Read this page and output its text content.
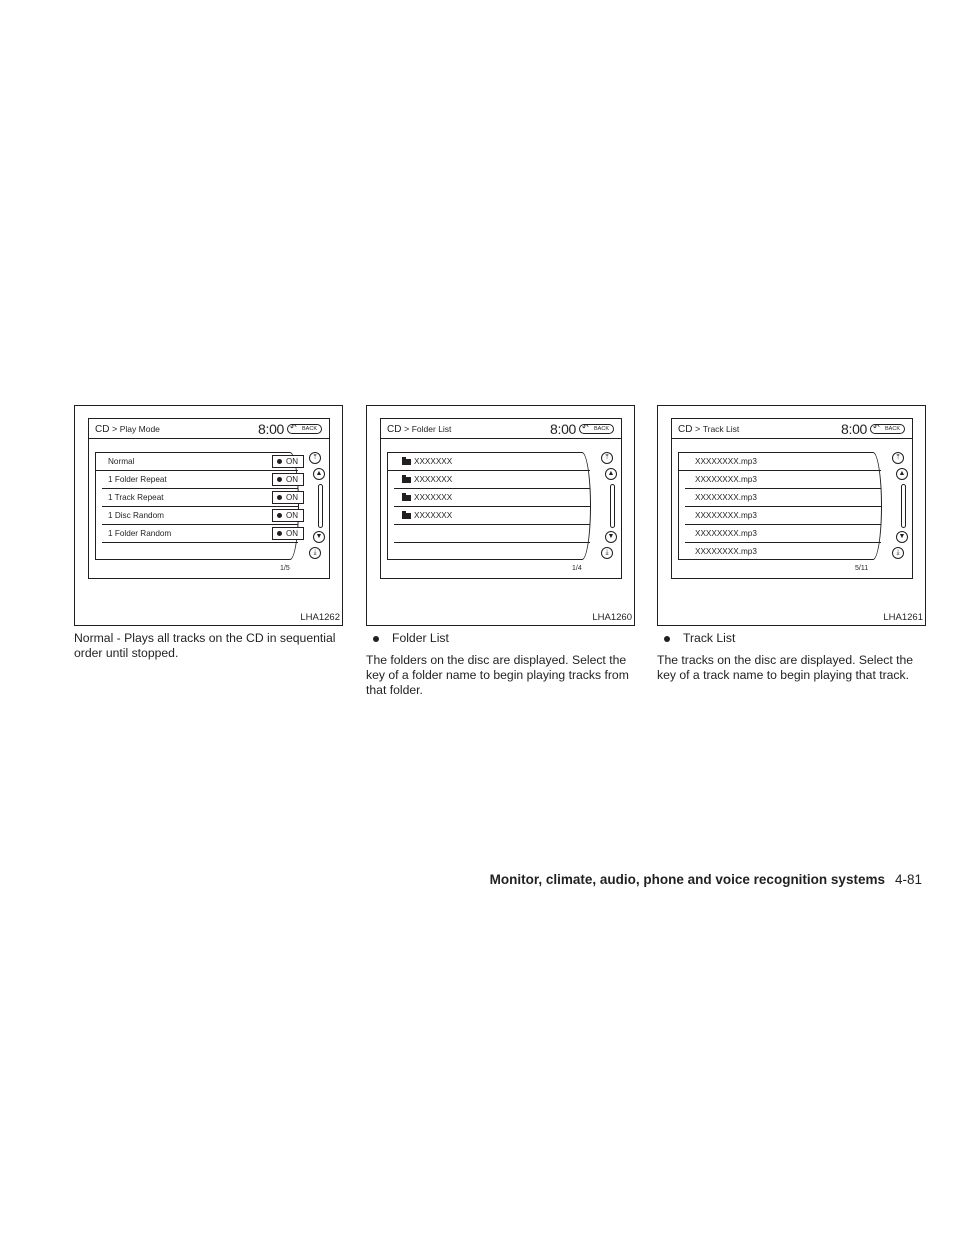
CD > Play Mode	8:00 ↶ BACK
Normal	ON
1 Folder Repeat	ON
1 Track Repeat	ON
1 Disc Random	ON
1 Folder Random	ON
⤒
▲
▼
⤓
1/5
LHA1262
CD > Folder List	8:00 ↶ BACK
XXXXXXX
XXXXXXX
XXXXXXX
XXXXXXX
⤒
▲
▼
⤓
1/4
LHA1260
CD > Track List	8:00 ↶ BACK
XXXXXXXX.mp3
XXXXXXXX.mp3
XXXXXXXX.mp3
XXXXXXXX.mp3
XXXXXXXX.mp3
XXXXXXXX.mp3
⤒
▲
▼
⤓
5/11
LHA1261

Normal - Plays all tracks on the CD in sequential order until stopped.

Folder List

The folders on the disc are displayed. Select the key of a folder name to begin playing tracks from that folder.

Track List

The tracks on the disc are displayed. Select the key of a track name to begin playing that track.

Monitor, climate, audio, phone and voice recognition systems 4-81
